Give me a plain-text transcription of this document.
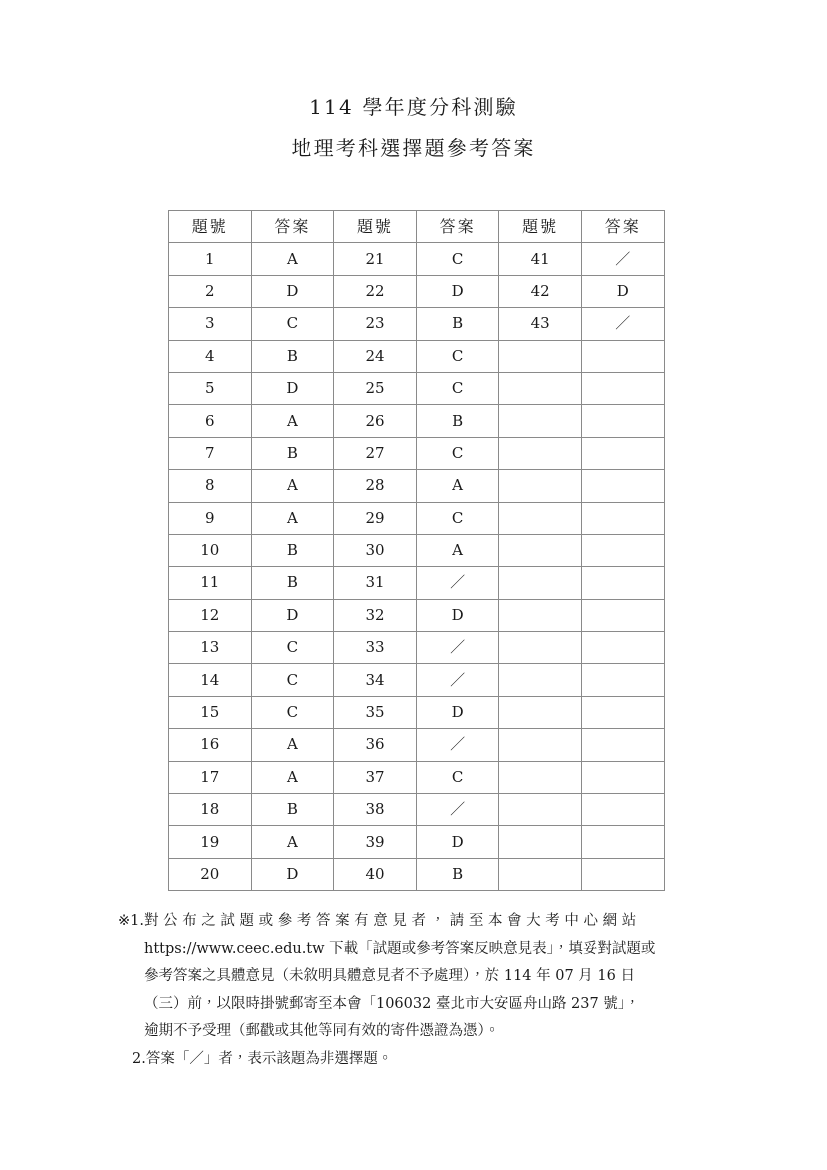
114 學年度分科測驗
地理考科選擇題參考答案
題號	答案	題號	答案	題號	答案
1	A	21	C	41	／
2	D	22	D	42	D
3	C	23	B	43	／
4	B	24	C		
5	D	25	C		
6	A	26	B		
7	B	27	C		
8	A	28	A		
9	A	29	C		
10	B	30	A		
11	B	31	／		
12	D	32	D		
13	C	33	／		
14	C	34	／		
15	C	35	D		
16	A	36	／		
17	A	37	C		
18	B	38	／		
19	A	39	D		
20	D	40	B		
※1. 對 公 布 之 試 題 或 參 考 答 案 有 意 見 者 ， 請 至 本 會 大 考 中 心 網 站
https://www.ceec.edu.tw 下載「試題或參考答案反映意見表」，填妥對試題或
參考答案之具體意見（未敘明具體意見者不予處理），於 114 年 07 月 16 日
（三）前，以限時掛號郵寄至本會「106032 臺北市大安區舟山路 237 號」，
逾期不予受理（郵戳或其他等同有效的寄件憑證為憑）。
2. 答案「／」者，表示該題為非選擇題。
